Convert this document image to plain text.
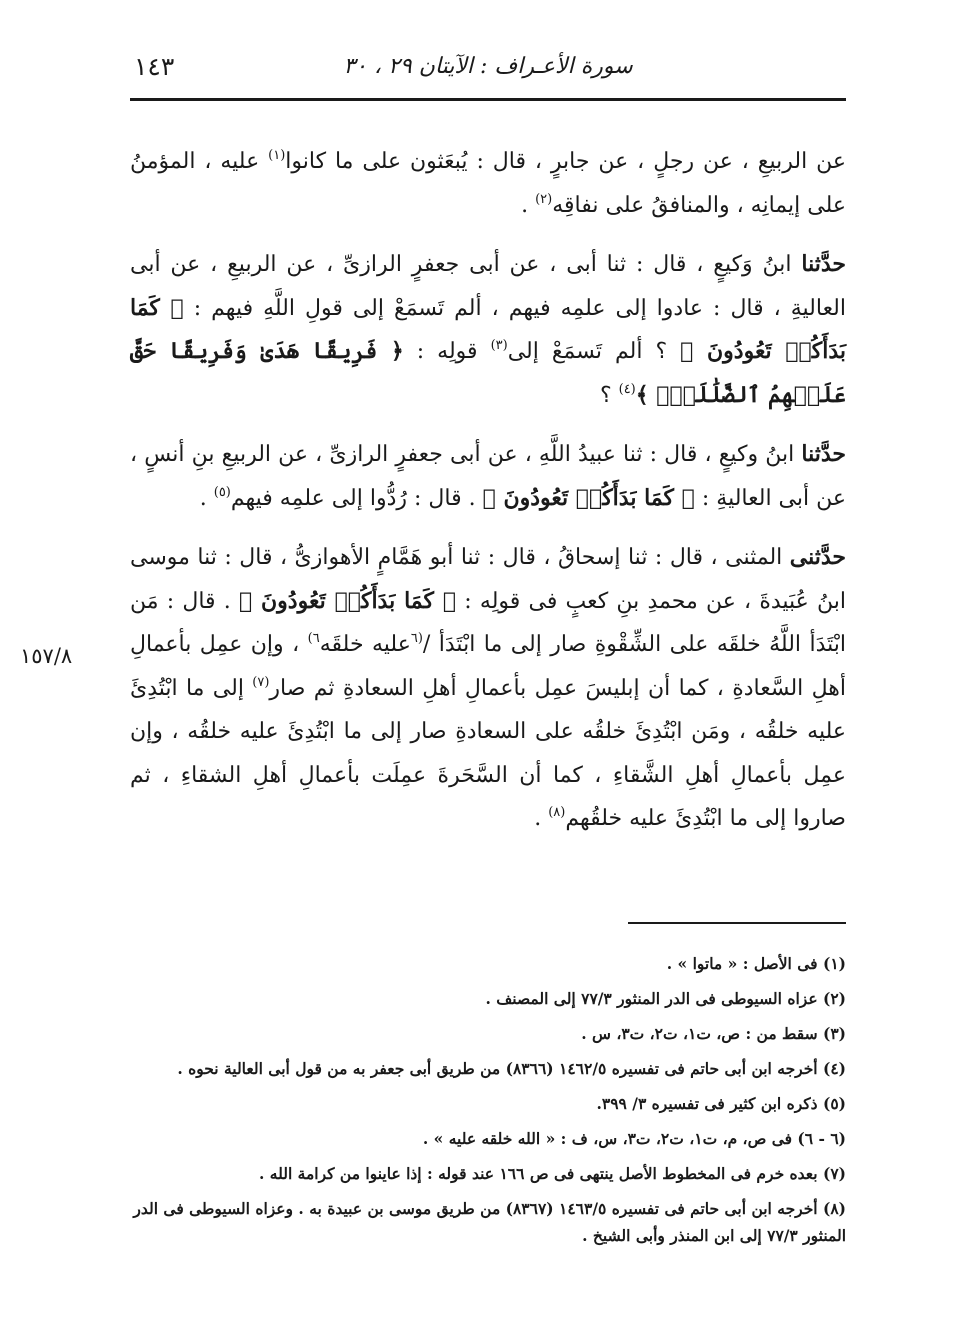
١٤٣	سورة الأعـراف : الآيتان ٢٩ ، ٣٠

عن الربيعِ ، عن رجلٍ ، عن جابرٍ ، قال : يُبعَثون على ما كانوا$^{(١)}$ عليه ، المؤمنُ على إيمانِه ، والمنافقُ على نفاقِه$^{(٢)}$ .

حدَّثنا ابنُ وَكيعٍ ، قال : ثنا أبى ، عن أبى جعفرٍ الرازىِّ ، عن الربيعِ ، عن أبى العاليةِ ، قال : عادوا إلى علمِه فيهم ، ألم تَسمَعْ إلى قولِ اللَّهِ فيهم : ﴿ كَمَا بَدَأَكُمۡ تَعُودُونَ ﴾ ؟ ألم تَسمَعْ إلى$^{(٣)}$ قولِه : ﴿ فَرِيقًا هَدَىٰ وَفَرِيقًا حَقَّ عَلَيۡهِمُ ٱلضَّلَٰلَةُۚ ﴾$^{(٤)}$ ؟

حدَّثنا ابنُ وكيعٍ ، قال : ثنا عبيدُ اللَّهِ ، عن أبى جعفرٍ الرازىِّ ، عن الربيعِ بنِ أنسٍ ، عن أبى العاليةِ : ﴿ كَمَا بَدَأَكُمۡ تَعُودُونَ ﴾ . قال : رُدُّوا إلى علمِه فيهم$^{(٥)}$ .

حدَّثنى المثنى ، قال : ثنا إسحاقُ ، قال : ثنا أبو هَمَّامٍ الأهوازىُّ ، قال : ثنا موسى ابنُ عُبَيدةَ ، عن محمدِ بنِ كعبٍ فى قولِه : ﴿ كَمَا بَدَأَكُمۡ تَعُودُونَ ﴾ . قال : مَن ابْتَدَأ اللَّهُ خلقَه على الشِّقْوةِ صار إلى ما ابْتَدَأ /$^{(٦}$عليه خلقَه$^{٦)}$ ، وإن عمِل بأعمالِ أهلِ السَّعادةِ ، كما أن إبليسَ عمِل بأعمالِ أهلِ السعادةِ ثم صار$^{(٧)}$ إلى ما ابْتُدِئَ عليه خلقُه ، ومَن ابْتُدِئَ خلقُه على السعادةِ صار إلى ما ابْتُدِئَ عليه خلقُه ، وإن عمِل بأعمالِ أهلِ الشَّقاءِ ، كما أن السَّحَرةَ عمِلَت بأعمالِ أهلِ الشقاءِ ، ثم صاروا إلى ما ابْتُدِئَ عليه خلقُهم$^{(٨)}$ .

١٥٧/٨

(١) فى الأصل : « ماتوا » .

(٢) عزاه السيوطى فى الدر المنثور ٧٧/٣ إلى المصنف .

(٣) سقط من : ص، ت١، ت٢، ت٣، س .

(٤) أخرجه ابن أبى حاتم فى تفسيره ١٤٦٢/٥ (٨٣٦٦) من طريق أبى جعفر به من قول أبى العالية نحوه .

(٥) ذكره ابن كثير فى تفسيره ٣/ ٣٩٩.

(٦ - ٦) فى ص، م، ت١، ت٢، ت٣، س، ف : « الله خلقه عليه » .

(٧) بعده خرم فى المخطوط الأصل ينتهى فى ص ١٦٦ عند قوله : إذا عاينوا من كرامة الله .

(٨) أخرجه ابن أبى حاتم فى تفسيره ١٤٦٣/٥ (٨٣٦٧) من طريق موسى بن عبيدة به . وعزاه السيوطى فى الدر المنثور ٧٧/٣ إلى ابن المنذر وأبى الشيخ .
